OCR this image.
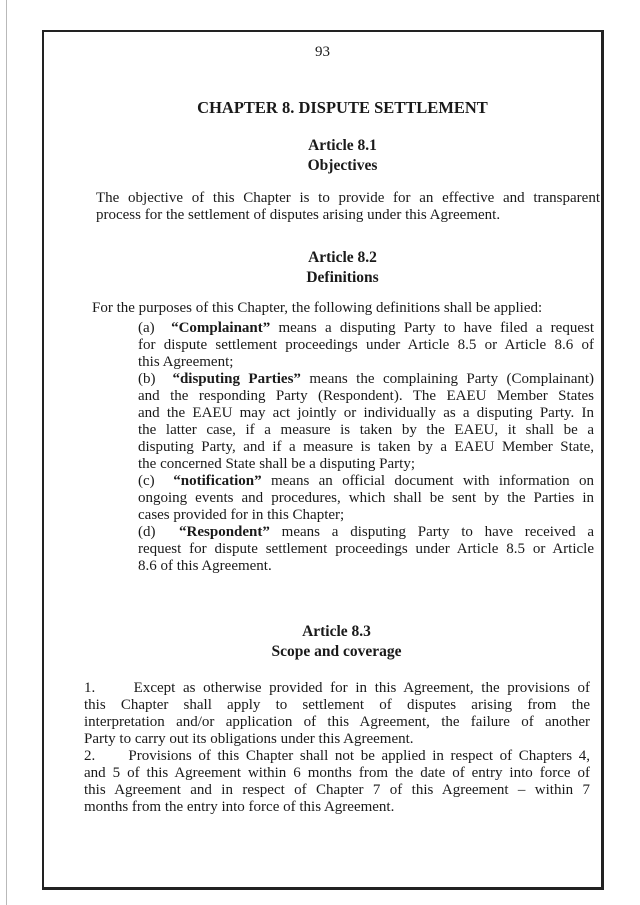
93
CHAPTER 8. DISPUTE SETTLEMENT
Article 8.1
Objectives
The objective of this Chapter is to provide for an effective and transparent
process for the settlement of disputes arising under this Agreement.
Article 8.2
Definitions
For the purposes of this Chapter, the following definitions shall be applied:
(a) “Complainant” means a disputing Party to have filed a request
for dispute settlement proceedings under Article 8.5 or Article 8.6 of
this Agreement;
(b) “disputing Parties” means the complaining Party (Complainant)
and the responding Party (Respondent). The EAEU Member States
and the EAEU may act jointly or individually as a disputing Party. In
the latter case, if a measure is taken by the EAEU, it shall be a
disputing Party, and if a measure is taken by a EAEU Member State,
the concerned State shall be a disputing Party;
(c) “notification” means an official document with information on
ongoing events and procedures, which shall be sent by the Parties in
cases provided for in this Chapter;
(d) “Respondent” means a disputing Party to have received a
request for dispute settlement proceedings under Article 8.5 or Article
8.6 of this Agreement.
Article 8.3
Scope and coverage
1.     Except as otherwise provided for in this Agreement, the provisions of
this Chapter shall apply to settlement of disputes arising from the
interpretation and/or application of this Agreement, the failure of another
Party to carry out its obligations under this Agreement.
2.     Provisions of this Chapter shall not be applied in respect of Chapters 4,
and 5 of this Agreement within 6 months from the date of entry into force of
this Agreement and in respect of Chapter 7 of this Agreement – within 7
months from the entry into force of this Agreement.
